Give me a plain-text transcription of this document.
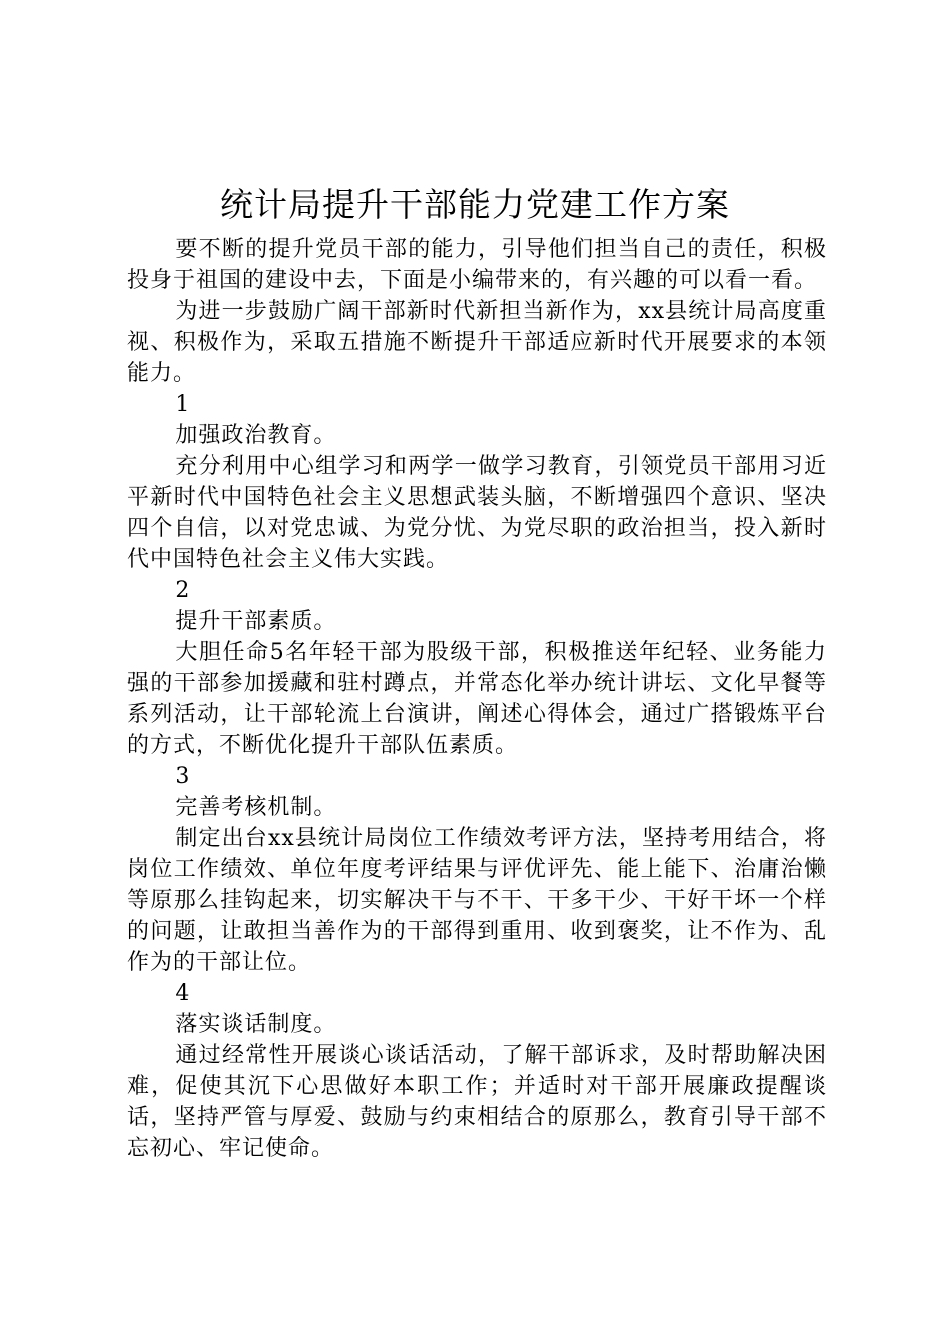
统计局提升干部能力党建工作方案

要不断的提升党员干部的能力，引导他们担当自己的责任，积极投身于祖国的建设中去，下面是小编带来的，有兴趣的可以看一看。

为进一步鼓励广阔干部新时代新担当新作为，xx县统计局高度重视、积极作为，采取五措施不断提升干部适应新时代开展要求的本领能力。

1

加强政治教育。

充分利用中心组学习和两学一做学习教育，引领党员干部用习近平新时代中国特色社会主义思想武装头脑，不断增强四个意识、坚决四个自信，以对党忠诚、为党分忧、为党尽职的政治担当，投入新时代中国特色社会主义伟大实践。

2

提升干部素质。

大胆任命5名年轻干部为股级干部，积极推送年纪轻、业务能力强的干部参加援藏和驻村蹲点，并常态化举办统计讲坛、文化早餐等系列活动，让干部轮流上台演讲，阐述心得体会，通过广搭锻炼平台的方式，不断优化提升干部队伍素质。

3

完善考核机制。

制定出台xx县统计局岗位工作绩效考评方法，坚持考用结合，将岗位工作绩效、单位年度考评结果与评优评先、能上能下、治庸治懒等原那么挂钩起来，切实解决干与不干、干多干少、干好干坏一个样的问题，让敢担当善作为的干部得到重用、收到褒奖，让不作为、乱作为的干部让位。

4

落实谈话制度。

通过经常性开展谈心谈话活动，了解干部诉求，及时帮助解决困难，促使其沉下心思做好本职工作；并适时对干部开展廉政提醒谈话，坚持严管与厚爱、鼓励与约束相结合的原那么，教育引导干部不忘初心、牢记使命。
